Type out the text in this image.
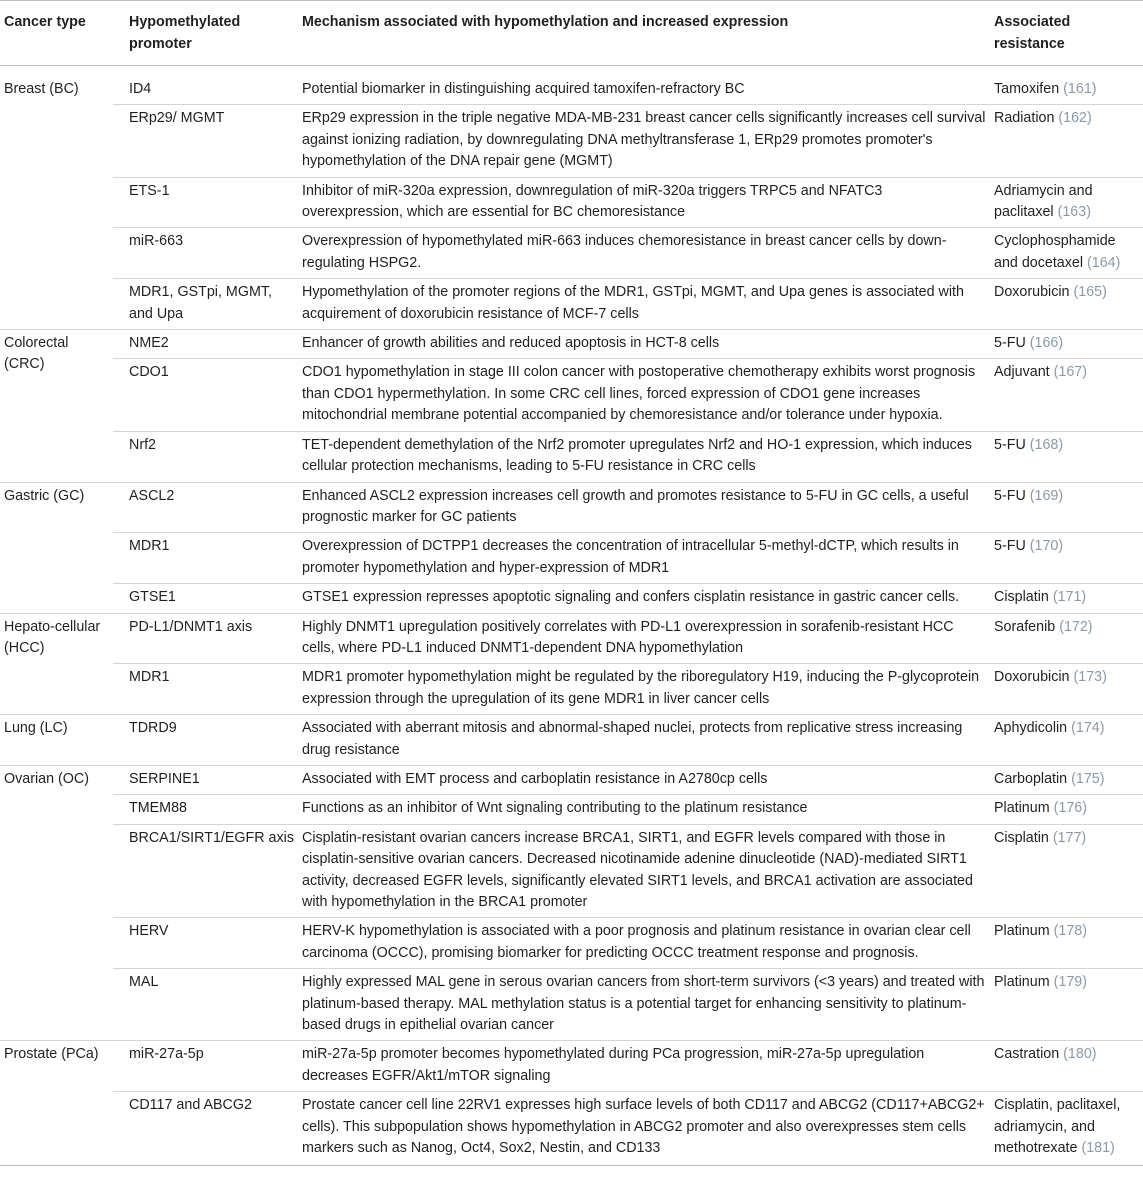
Cancer type	Hypomethylated promoter	Mechanism associated with hypomethylation and increased expression	Associated resistance
Breast (BC)	ID4	Potential biomarker in distinguishing acquired tamoxifen-refractory BC	Tamoxifen (161)
	ERp29/ MGMT	ERp29 expression in the triple negative MDA-MB-231 breast cancer cells significantly increases cell survival against ionizing radiation, by downregulating DNA methyltransferase 1, ERp29 promotes promoter's hypomethylation of the DNA repair gene (MGMT)	Radiation (162)
	ETS-1	Inhibitor of miR-320a expression, downregulation of miR-320a triggers TRPC5 and NFATC3 overexpression, which are essential for BC chemoresistance	Adriamycin and paclitaxel (163)
	miR-663	Overexpression of hypomethylated miR-663 induces chemoresistance in breast cancer cells by down-regulating HSPG2.	Cyclophosphamide and docetaxel (164)
	MDR1, GSTpi, MGMT, and Upa	Hypomethylation of the promoter regions of the MDR1, GSTpi, MGMT, and Upa genes is associated with acquirement of doxorubicin resistance of MCF-7 cells	Doxorubicin (165)
Colorectal (CRC)	NME2	Enhancer of growth abilities and reduced apoptosis in HCT-8 cells	5-FU (166)
	CDO1	CDO1 hypomethylation in stage III colon cancer with postoperative chemotherapy exhibits worst prognosis than CDO1 hypermethylation. In some CRC cell lines, forced expression of CDO1 gene increases mitochondrial membrane potential accompanied by chemoresistance and/or tolerance under hypoxia.	Adjuvant (167)
	Nrf2	TET-dependent demethylation of the Nrf2 promoter upregulates Nrf2 and HO-1 expression, which induces cellular protection mechanisms, leading to 5-FU resistance in CRC cells	5-FU (168)
Gastric (GC)	ASCL2	Enhanced ASCL2 expression increases cell growth and promotes resistance to 5-FU in GC cells, a useful prognostic marker for GC patients	5-FU (169)
	MDR1	Overexpression of DCTPP1 decreases the concentration of intracellular 5-methyl-dCTP, which results in promoter hypomethylation and hyper-expression of MDR1	5-FU (170)
	GTSE1	GTSE1 expression represses apoptotic signaling and confers cisplatin resistance in gastric cancer cells.	Cisplatin (171)
Hepato-cellular (HCC)	PD-L1/DNMT1 axis	Highly DNMT1 upregulation positively correlates with PD-L1 overexpression in sorafenib-resistant HCC cells, where PD-L1 induced DNMT1-dependent DNA hypomethylation	Sorafenib (172)
	MDR1	MDR1 promoter hypomethylation might be regulated by the riboregulatory H19, inducing the P-glycoprotein expression through the upregulation of its gene MDR1 in liver cancer cells	Doxorubicin (173)
Lung (LC)	TDRD9	Associated with aberrant mitosis and abnormal-shaped nuclei, protects from replicative stress increasing drug resistance	Aphydicolin (174)
Ovarian (OC)	SERPINE1	Associated with EMT process and carboplatin resistance in A2780cp cells	Carboplatin (175)
	TMEM88	Functions as an inhibitor of Wnt signaling contributing to the platinum resistance	Platinum (176)
	BRCA1/SIRT1/EGFR axis	Cisplatin-resistant ovarian cancers increase BRCA1, SIRT1, and EGFR levels compared with those in cisplatin-sensitive ovarian cancers. Decreased nicotinamide adenine dinucleotide (NAD)-mediated SIRT1 activity, decreased EGFR levels, significantly elevated SIRT1 levels, and BRCA1 activation are associated with hypomethylation in the BRCA1 promoter	Cisplatin (177)
	HERV	HERV-K hypomethylation is associated with a poor prognosis and platinum resistance in ovarian clear cell carcinoma (OCCC), promising biomarker for predicting OCCC treatment response and prognosis.	Platinum (178)
	MAL	Highly expressed MAL gene in serous ovarian cancers from short-term survivors (<3 years) and treated with platinum-based therapy. MAL methylation status is a potential target for enhancing sensitivity to platinum-based drugs in epithelial ovarian cancer	Platinum (179)
Prostate (PCa)	miR-27a-5p	miR-27a-5p promoter becomes hypomethylated during PCa progression, miR-27a-5p upregulation decreases EGFR/Akt1/mTOR signaling	Castration (180)
	CD117 and ABCG2	Prostate cancer cell line 22RV1 expresses high surface levels of both CD117 and ABCG2 (CD117+ABCG2+ cells). This subpopulation shows hypomethylation in ABCG2 promoter and also overexpresses stem cells markers such as Nanog, Oct4, Sox2, Nestin, and CD133	Cisplatin, paclitaxel, adriamycin, and methotrexate (181)
